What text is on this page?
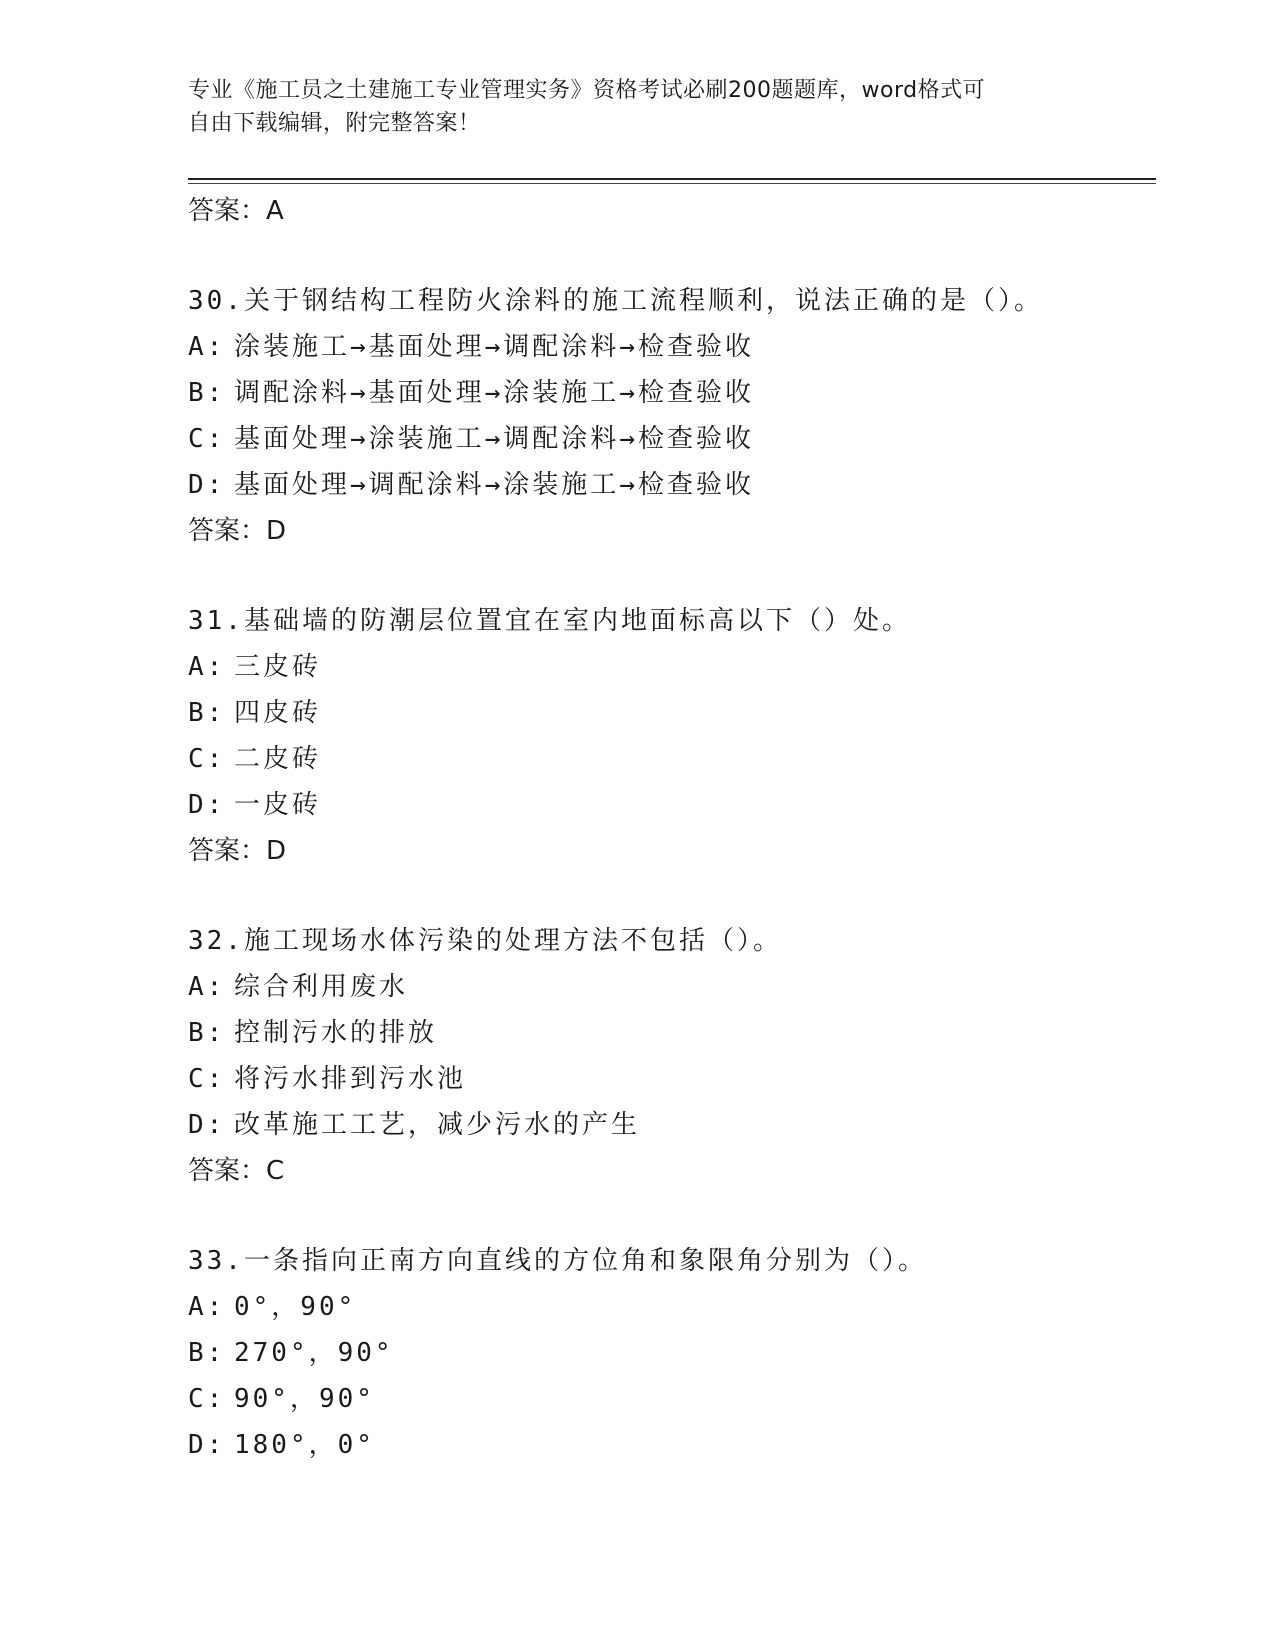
专业《施工员之土建施工专业管理实务》资格考试必刷200题题库，word格式可
自由下载编辑，附完整答案！
答案：A
30.关于钢结构工程防火涂料的施工流程顺利，说法正确的是（）。
A: 涂装施工→基面处理→调配涂料→检查验收
B: 调配涂料→基面处理→涂装施工→检查验收
C: 基面处理→涂装施工→调配涂料→检查验收
D: 基面处理→调配涂料→涂装施工→检查验收
答案：D
31.基础墙的防潮层位置宜在室内地面标高以下（）处。
A: 三皮砖
B: 四皮砖
C: 二皮砖
D: 一皮砖
答案：D
32.施工现场水体污染的处理方法不包括（）。
A: 综合利用废水
B: 控制污水的排放
C: 将污水排到污水池
D: 改革施工工艺，减少污水的产生
答案：C
33.一条指向正南方向直线的方位角和象限角分别为（）。
A: 0°，90°
B: 270°，90°
C: 90°，90°
D: 180°，0°
